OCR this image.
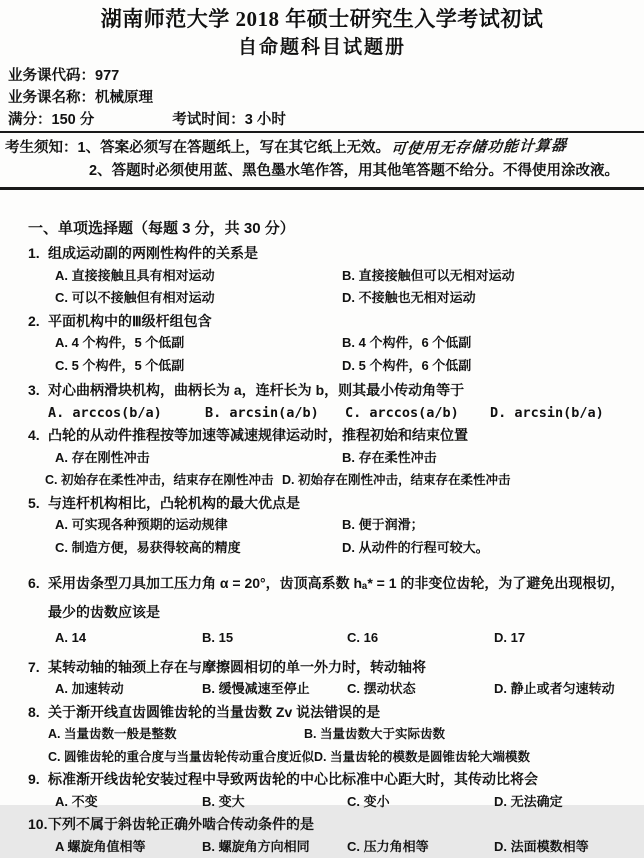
湖南师范大学 2018 年硕士研究生入学考试初试
自命题科目试题册
业务课代码：977
业务课名称：机械原理
满分：150 分	考试时间：3 小时
考生须知：1、答案必须写在答题纸上，写在其它纸上无效。可使用无存储功能计算器
2、答题时必须使用蓝、黑色墨水笔作答，用其他笔答题不给分。不得使用涂改液。
一、单项选择题（每题 3 分，共 30 分）
1. 组成运动副的两刚性构件的关系是
A. 直接接触且具有相对运动	B. 直接接触但可以无相对运动
C. 可以不接触但有相对运动	D. 不接触也无相对运动
2. 平面机构中的Ⅲ级杆组包含
A. 4 个构件，5 个低副	B. 4 个构件，6 个低副
C. 5 个构件，5 个低副	D. 5 个构件，6 个低副
3. 对心曲柄滑块机构，曲柄长为 a，连杆长为 b，则其最小传动角等于
A. arccos(b/a)	B. arcsin(a/b)	C. arccos(a/b)	D. arcsin(b/a)
4. 凸轮的从动件推程按等加速等减速规律运动时，推程初始和结束位置
A. 存在刚性冲击	B. 存在柔性冲击
C. 初始存在柔性冲击，结束存在刚性冲击 D. 初始存在刚性冲击，结束存在柔性冲击
5. 与连杆机构相比，凸轮机构的最大优点是
A. 可实现各种预期的运动规律	B. 便于润滑；
C. 制造方便，易获得较高的精度	D. 从动件的行程可较大。
6. 采用齿条型刀具加工压力角 α = 20°，齿顶高系数 hₐ* = 1 的非变位齿轮，为了避免出现根切，最少的齿数应该是
A. 14	B. 15	C. 16	D. 17
7. 某转动轴的轴颈上存在与摩擦圆相切的单一外力时，转动轴将
A. 加速转动	B. 缓慢减速至停止	C. 摆动状态	D. 静止或者匀速转动
8. 关于渐开线直齿圆锥齿轮的当量齿数 Zv 说法错误的是
A. 当量齿数一般是整数	B. 当量齿数大于实际齿数
C. 圆锥齿轮的重合度与当量齿轮传动重合度近似 D. 当量齿轮的模数是圆锥齿轮大端模数
9. 标准渐开线齿轮安装过程中导致两齿轮的中心比标准中心距大时，其传动比将会
A. 不变	B. 变大	C. 变小	D. 无法确定
10. 下列不属于斜齿轮正确外啮合传动条件的是
A 螺旋角值相等	B. 螺旋角方向相同	C. 压力角相等	D. 法面模数相等
